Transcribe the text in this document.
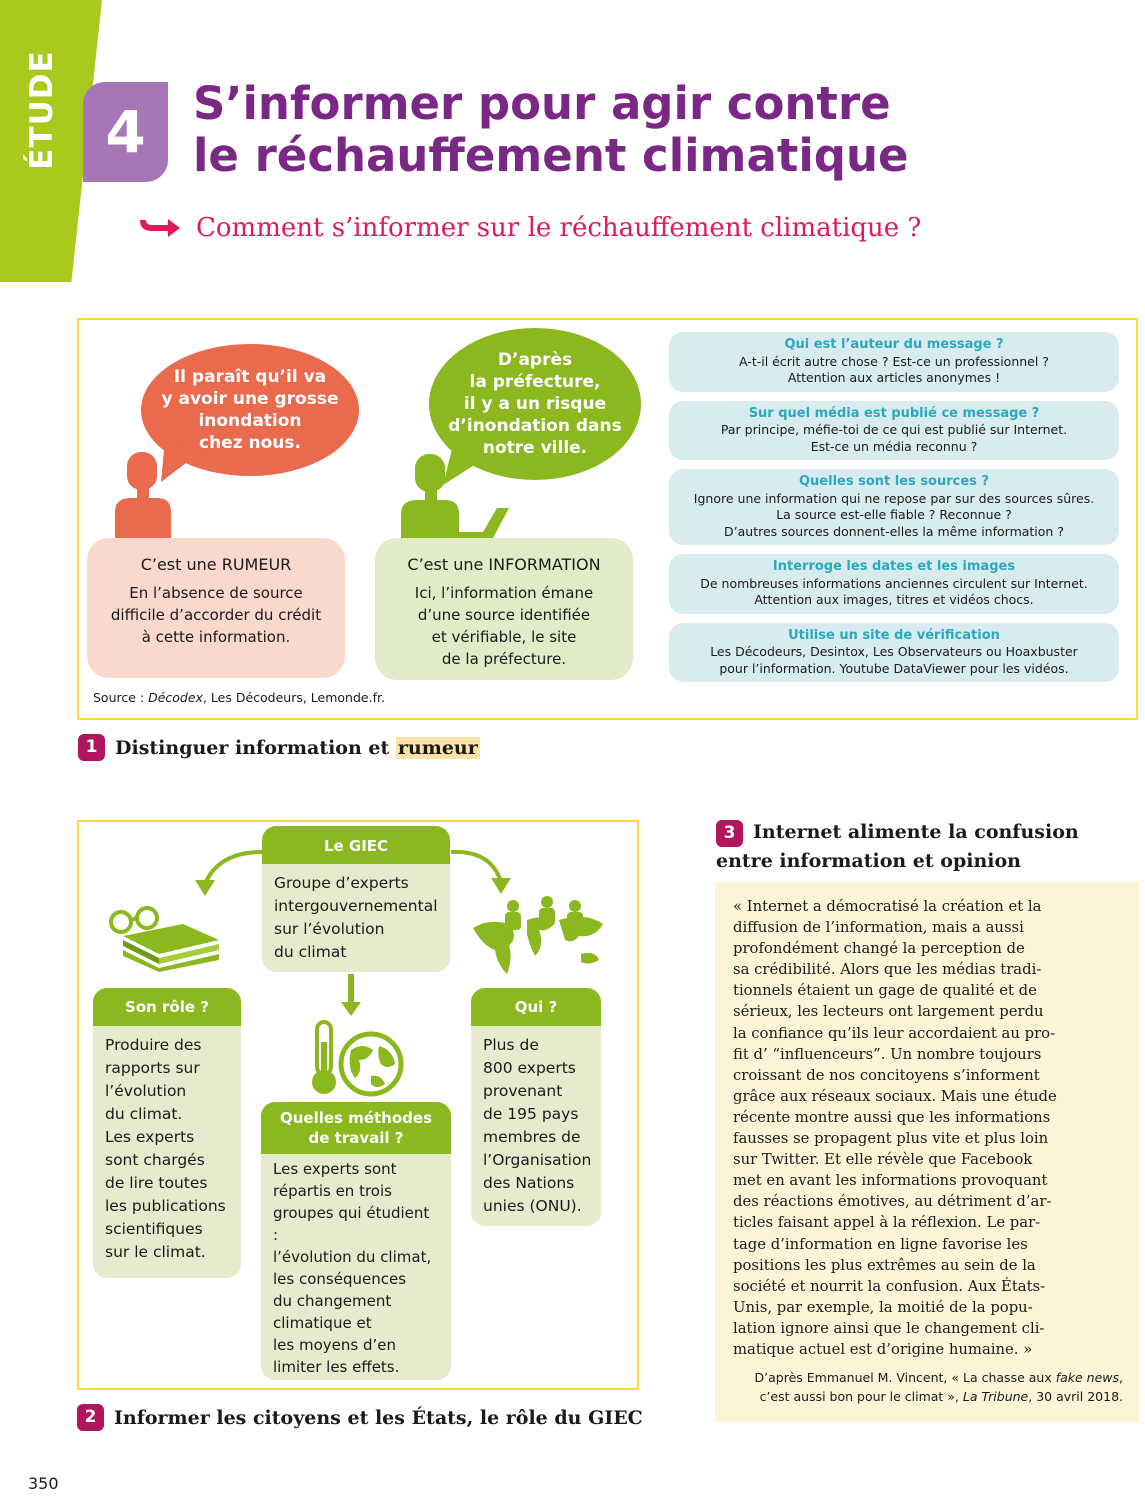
ÉTUDE 4	S’informer pour agir contre
le réchauffement climatique
Comment s’informer sur le réchauffement climatique ?
Il paraît qu’il va
y avoir une grosse
inondation
chez nous.
D’après
la préfecture,
il y a un risque
d’inondation dans
notre ville.
C’est une RUMEUR
En l’absence de source
difficile d’accorder du crédit
à cette information.
C’est une INFORMATION
Ici, l’information émane
d’une source identifiée
et vérifiable, le site
de la préfecture.
Source : Décodex, Les Décodeurs, Lemonde.fr.
Qui est l’auteur du message ?
A-t-il écrit autre chose ? Est-ce un professionnel ?
Attention aux articles anonymes !
Sur quel média est publié ce message ?
Par principe, méfie-toi de ce qui est publié sur Internet.
Est-ce un média reconnu ?
Quelles sont les sources ?
Ignore une information qui ne repose par sur des sources sûres.
La source est-elle fiable ? Reconnue ?
D’autres sources donnent-elles la même information ?
Interroge les dates et les images
De nombreuses informations anciennes circulent sur Internet.
Attention aux images, titres et vidéos chocs.
Utilise un site de vérification
Les Décodeurs, Desintox, Les Observateurs ou Hoaxbuster
pour l’information. Youtube DataViewer pour les vidéos.
1 Distinguer information et rumeur
Le GIEC
Groupe d’experts
intergouvernemental
sur l’évolution
du climat
Son rôle ?
Produire des
rapports sur
l’évolution
du climat.
Les experts
sont chargés
de lire toutes
les publications
scientifiques
sur le climat.
Qui ?
Plus de
800 experts
provenant
de 195 pays
membres de
l’Organisation
des Nations
unies (ONU).
Quelles méthodes
de travail ?
Les experts sont
répartis en trois
groupes qui étudient :
l’évolution du climat,
les conséquences
du changement
climatique et
les moyens d’en
limiter les effets.
2 Informer les citoyens et les États, le rôle du GIEC
3 Internet alimente la confusion
entre information et opinion
« Internet a démocratisé la création et la
diffusion de l’information, mais a aussi
profondément changé la perception de
sa crédibilité. Alors que les médias tradi-
tionnels étaient un gage de qualité et de
sérieux, les lecteurs ont largement perdu
la confiance qu’ils leur accordaient au pro-
fit d’ “influenceurs”. Un nombre toujours
croissant de nos concitoyens s’informent
grâce aux réseaux sociaux. Mais une étude
récente montre aussi que les informations
fausses se propagent plus vite et plus loin
sur Twitter. Et elle révèle que Facebook
met en avant les informations provoquant
des réactions émotives, au détriment d’ar-
ticles faisant appel à la réflexion. Le par-
tage d’information en ligne favorise les
positions les plus extrêmes au sein de la
société et nourrit la confusion. Aux États-
Unis, par exemple, la moitié de la popu-
lation ignore ainsi que le changement cli-
matique actuel est d’origine humaine. »
D’après Emmanuel M. Vincent, « La chasse aux fake news,
c’est aussi bon pour le climat », La Tribune, 30 avril 2018.
350
